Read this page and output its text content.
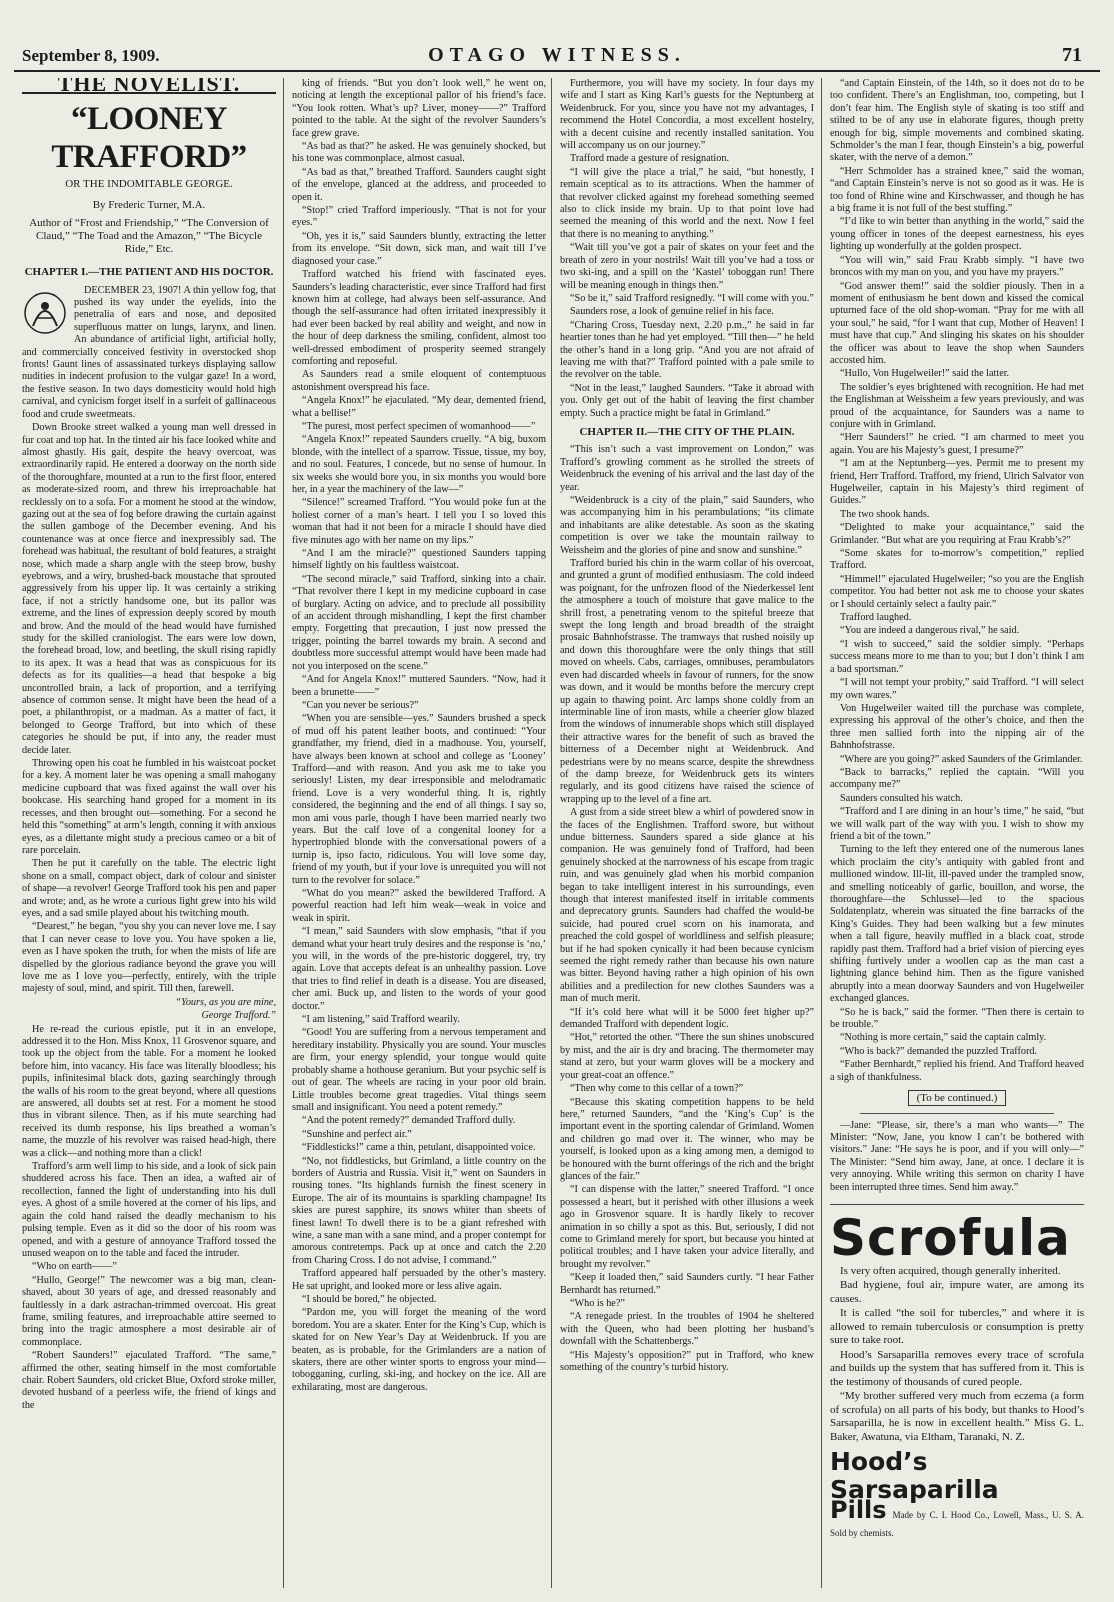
September 8, 1909.	OTAGO WITNESS.	71
THE NOVELIST.
“LOONEY TRAFFORD”
OR THE INDOMITABLE GEORGE.
By Frederic Turner, M.A.
Author of “Frost and Friendship,” “The Conversion of Claud,” “The Toad and the Amazon,” “The Bicycle Ride,” Etc.
CHAPTER I.—THE PATIENT AND HIS DOCTOR.

DECEMBER 23, 1907! A thin yellow fog, that pushed its way under the eyelids, into the penetralia of ears and nose, and deposited superfluous matter on lungs, larynx, and linen. An abundance of artificial light, artificial holly, and commercially conceived festivity in overstocked shop fronts! Gaunt lines of assassinated turkeys displaying sallow nudities in indecent profusion to the vulgar gaze! In a word, the festive season. In two days domesticity would hold high carnival, and cynicism forget itself in a surfeit of gallinaceous food and crude sweetmeats.

Down Brooke street walked a young man well dressed in fur coat and top hat. In the tinted air his face looked white and almost ghastly. His gait, despite the heavy overcoat, was extraordinarily rapid. He entered a doorway on the north side of the thoroughfare, mounted at a run to the first floor, entered as moderate-sized room, and threw his irreproachable hat recklessly on to a sofa. For a moment he stood at the window, gazing out at the sea of fog before drawing the curtain against the sullen gamboge of the December evening. And his countenance was at once fierce and inexpressibly sad. The forehead was habitual, the resultant of bold features, a straight nose, which made a sharp angle with the steep brow, bushy eyebrows, and a wiry, brushed-back moustache that sprouted aggressively from his upper lip. It was certainly a striking face, if not a strictly handsome one, but its pallor was extreme, and the lines of expression deeply scored by mouth and brow. And the mould of the head would have furnished study for the skilled craniologist. The ears were low down, the forehead broad, low, and beetling, the skull rising rapidly to its apex. It was a head that was as conspicuous for its defects as for its qualities—a head that bespoke a big uncontrolled brain, a lack of proportion, and a terrifying absence of common sense. It might have been the head of a poet, a philanthropist, or a madman. As a matter of fact, it belonged to George Trafford, but into which of these categories he should be put, if into any, the reader must decide later.

Throwing open his coat he fumbled in his waistcoat pocket for a key. A moment later he was opening a small mahogany medicine cupboard that was fixed against the wall over his bookcase. His searching hand groped for a moment in its recesses, and then brought out—something. For a second he held this “something” at arm’s length, conning it with anxious eyes, as a dilettante might study a precious cameo or a bit of rare porcelain.

Then he put it carefully on the table. The electric light shone on a small, compact object, dark of colour and sinister of shape—a revolver! George Trafford took his pen and paper and wrote; and, as he wrote a curious light grew into his wild eyes, and a sad smile played about his twitching mouth.

“Dearest,” he began, “you shy you can never love me. I say that I can never cease to love you. You have spoken a lie, even as I have spoken the truth, for when the mists of life are dispelled by the glorious radiance beyond the grave you will love me as I love you—perfectly, entirely, with the triple majesty of soul, mind, and spirit. Till then, farewell.

“Yours, as you are mine,

George Trafford.”

He re-read the curious epistle, put it in an envelope, addressed it to the Hon. Miss Knox, 11 Grosvenor square, and took up the object from the table. For a moment he looked before him, into vacancy. His face was literally bloodless; his pupils, infinitesimal black dots, gazing searchingly through the walls of his room to the great beyond, where all questions are answered, all doubts set at rest. For a moment he stood thus in vibrant silence. Then, as if his mute searching had received its dumb response, his lips breathed a woman’s name, the muzzle of his revolver was raised head-high, there was a click—and nothing more than a click!

Trafford’s arm well limp to his side, and a look of sick pain shuddered across his face. Then an idea, a wafted air of recollection, fanned the light of understanding into his dull eyes. A ghost of a smile hovered at the corner of his lips, and again the cold hand raised the deadly mechanism to his pulsing temple. Even as it did so the door of his room was opened, and with a gesture of annoyance Trafford tossed the unused weapon on to the table and faced the intruder.

“Who on earth——”

“Hullo, George!” The newcomer was a big man, clean-shaved, about 30 years of age, and dressed reasonably and faultlessly in a dark astrachan-trimmed overcoat. His great frame, smiling features, and irreproachable attire seemed to bring into the tragic atmosphere a most desirable air of commonplace.

“Robert Saunders!” ejaculated Trafford. “The same,” affirmed the other, seating himself in the most comfortable chair. Robert Saunders, old cricket Blue, Oxford stroke miller, devoted husband of a peerless wife, the friend of kings and the

king of friends. “But you don’t look well,” he went on, noticing at length the exceptional pallor of his friend’s face. “You look rotten. What’s up? Liver, money——?” Trafford pointed to the table. At the sight of the revolver Saunders’s face grew grave.

“As bad as that?” he asked. He was genuinely shocked, but his tone was commonplace, almost casual.

“As bad as that,” breathed Trafford. Saunders caught sight of the envelope, glanced at the address, and proceeded to open it.

“Stop!” cried Trafford imperiously. “That is not for your eyes.”

“Oh, yes it is,” said Saunders bluntly, extracting the letter from its envelope. “Sit down, sick man, and wait till I’ve diagnosed your case.”

Trafford watched his friend with fascinated eyes. Saunders’s leading characteristic, ever since Trafford had first known him at college, had always been self-assurance. And though the self-assurance had often irritated inexpressibly it had ever been backed by real ability and weight, and now in the hour of deep darkness the smiling, confident, almost too well-dressed embodiment of prosperity seemed strangely comforting and reposeful.

As Saunders read a smile eloquent of contemptuous astonishment overspread his face.

“Angela Knox!” he ejaculated. “My dear, demented friend, what a bellise!”

“The purest, most perfect specimen of womanhood——”

“Angela Knox!” repeated Saunders cruelly. “A big, buxom blonde, with the intellect of a sparrow. Tissue, tissue, my boy, and no soul. Features, I concede, but no sense of humour. In six weeks she would bore you, in six months you would bore her, in a year the machinery of the law—”

“Silence!” screamed Trafford. “You would poke fun at the holiest corner of a man’s heart. I tell you I so loved this woman that had it not been for a miracle I should have died five minutes ago with her name on my lips.”

“And I am the miracle?” questioned Saunders tapping himself lightly on his faultless waistcoat.

“The second miracle,” said Trafford, sinking into a chair. “That revolver there I kept in my medicine cupboard in case of burglary. Acting on advice, and to preclude all possibility of an accident through mishandling, I kept the first chamber empty. Forgetting that precaution, I just now pressed the trigger, pointing the barrel towards my brain. A second and doubtless more successful attempt would have been made had not you interposed on the scene.”

“And for Angela Knox!” muttered Saunders. “Now, had it been a brunette——”

“Can you never be serious?”

“When you are sensible—yes.” Saunders brushed a speck of mud off his patent leather boots, and continued: “Your grandfather, my friend, died in a madhouse. You, yourself, have always been known at school and college as ‘Looney’ Trafford—and with reason. And you ask me to take you seriously! Listen, my dear irresponsible and melodramatic friend. Love is a very wonderful thing. It is, rightly considered, the beginning and the end of all things. I say so, mon ami vous parle, though I have been married nearly two years. But the calf love of a congenital looney for a hypertrophied blonde with the conversational powers of a turnip is, ipso facto, ridiculous. You will love some day, friend of my youth, but if your love is unrequited you will not turn to the revolver for solace.”

“What do you mean?” asked the bewildered Trafford. A powerful reaction had left him weak—weak in voice and weak in spirit.

“I mean,” said Saunders with slow emphasis, “that if you demand what your heart truly desires and the response is ‘no,’ you will, in the words of the pre-historic doggerel, try, try again. Love that accepts defeat is an unhealthy passion. Love that tries to find relief in death is a disease. You are diseased, cher ami. Buck up, and listen to the words of your good doctor.”

“I am listening,” said Trafford wearily.

“Good! You are suffering from a nervous temperament and hereditary instability. Physically you are sound. Your muscles are firm, your energy splendid, your tongue would quite probably shame a hothouse geranium. But your psychic self is out of gear. The wheels are racing in your poor old brain. Little troubles become great tragedies. Vital things seem small and insignificant. You need a potent remedy.”

“And the potent remedy?” demanded Trafford dully.

“Sunshine and perfect air.”

“Fiddlesticks!” came a thin, petulant, disappointed voice.

“No, not fiddlesticks, but Grimland, a little country on the borders of Austria and Russia. Visit it,” went on Saunders in rousing tones. “Its highlands furnish the finest scenery in Europe. The air of its mountains is sparkling champagne! Its skies are purest sapphire, its snows whiter than sheets of finest lawn! To dwell there is to be a giant refreshed with wine, a sane man with a sane mind, and a proper contempt for amorous contretemps. Pack up at once and catch the 2.20 from Charing Cross. I do not advise, I command.”

Trafford appeared half persuaded by the other’s mastery. He sat upright, and looked more or less alive again.

“I should be bored,” he objected.

“Pardon me, you will forget the meaning of the word boredom. You are a skater. Enter for the King’s Cup, which is skated for on New Year’s Day at Weidenbruck. If you are beaten, as is probable, for the Grimlanders are a nation of skaters, there are other winter sports to engross your mind—tobogganing, curling, ski-ing, and hockey on the ice. All are exhilarating, most are dangerous.

Furthermore, you will have my society. In four days my wife and I start as King Karl’s guests for the Neptunberg at Weidenbruck. For you, since you have not my advantages, I recommend the Hotel Concordia, a most excellent hostelry, with a decent cuisine and recently installed sanitation. You will accompany us on our journey.”

Trafford made a gesture of resignation.

“I will give the place a trial,” he said, “but honestly, I remain sceptical as to its attractions. When the hammer of that revolver clicked against my forehead something seemed also to click inside my brain. Up to that point love had seemed the meaning of this world and the next. Now I feel that there is no meaning to anything.”

“Wait till you’ve got a pair of skates on your feet and the breath of zero in your nostrils! Wait till you’ve had a toss or two ski-ing, and a spill on the ‘Kastel’ toboggan run! There will be meaning enough in things then.”

“So be it,” said Trafford resignedly. “I will come with you.”

Saunders rose, a look of genuine relief in his face.

“Charing Cross, Tuesday next, 2.20 p.m.,” he said in far heartier tones than he had yet employed. “Till then—” he held the other’s hand in a long grip. “And you are not afraid of leaving me with that?” Trafford pointed with a pale smile to the revolver on the table.

“Not in the least,” laughed Saunders. “Take it abroad with you. Only get out of the habit of leaving the first chamber empty. Such a practice might be fatal in Grimland.”

CHAPTER II.—THE CITY OF THE PLAIN.

“This isn’t such a vast improvement on London,” was Trafford’s growling comment as he strolled the streets of Weidenbruck the evening of his arrival and the last day of the year.

“Weidenbruck is a city of the plain,” said Saunders, who was accompanying him in his perambulations; “its climate and inhabitants are alike detestable. As soon as the skating competition is over we take the mountain railway to Weissheim and the glories of pine and snow and sunshine.”

Trafford buried his chin in the warm collar of his overcoat, and grunted a grunt of modified enthusiasm. The cold indeed was poignant, for the unfrozen flood of the Niederkessel lent the atmosphere a touch of moisture that gave malice to the shrill frost, a penetrating venom to the spiteful breeze that swept the long length and broad breadth of the straight prosaic Bahnhofstrasse. The tramways that rushed noisily up and down this thoroughfare were the only things that still moved on wheels. Cabs, carriages, omnibuses, perambulators even had discarded wheels in favour of runners, for the snow was down, and it would be months before the mercury crept up again to thawing point. Arc lamps shone coldly from an interminable line of iron masts, while a cheerier glow blazed from the windows of innumerable shops which still displayed their attractive wares for the benefit of such as braved the bitterness of a December night at Weidenbruck. And pedestrians were by no means scarce, despite the shrewdness of the damp breeze, for Weidenbruck gets its winters regularly, and its good citizens have raised the science of wrapping up to the level of a fine art.

A gust from a side street blew a whirl of powdered snow in the faces of the Englishmen. Trafford swore, but without undue bitterness. Saunders spared a side glance at his companion. He was genuinely fond of Trafford, had been genuinely shocked at the narrowness of his escape from tragic ruin, and was genuinely glad when his morbid companion began to take intelligent interest in his surroundings, even though that interest manifested itself in irritable comments and deprecatory grunts. Saunders had chaffed the would-be suicide, had poured cruel scorn on his inamorata, and preached the cold gospel of worldliness and selfish pleasure; but if he had spoken cynically it had been because cynicism seemed the right remedy rather than because his own nature was bitter. Beyond having rather a high opinion of his own abilities and a predilection for new clothes Saunders was a man of much merit.

“If it’s cold here what will it be 5000 feet higher up?” demanded Trafford with dependent logic.

“Hot,” retorted the other. “There the sun shines unobscured by mist, and the air is dry and bracing. The thermometer may stand at zero, but your warm gloves will be a mockery and your great-coat an offence.”

“Then why come to this cellar of a town?”

“Because this skating competition happens to be held here,” returned Saunders, “and the ‘King’s Cup’ is the important event in the sporting calendar of Grimland. Women and children go mad over it. The winner, who may be yourself, is looked upon as a king among men, a demigod to be honoured with the burnt offerings of the rich and the bright glances of the fair.”

“I can dispense with the latter,” sneered Trafford. “I once possessed a heart, but it perished with other illusions a week ago in Grosvenor square. It is hardly likely to recover animation in so chilly a spot as this. But, seriously, I did not come to Grimland merely for sport, but because you hinted at political troubles; and I have taken your advice literally, and brought my revolver.”

“Keep it loaded then,” said Saunders curtly. “I hear Father Bernhardt has returned.”

“Who is he?”

“A renegade priest. In the troubles of 1904 he sheltered with the Queen, who had been plotting her husband’s downfall with the Schattenbergs.”

“His Majesty’s opposition?” put in Trafford, who knew something of the country’s turbid history.

“and Captain Einstein, of the 14th, so it does not do to be too confident. There’s an Englishman, too, competing, but I don’t fear him. The English style of skating is too stiff and stilted to be of any use in elaborate figures, though pretty enough for big, simple movements and combined skating. Schmolder’s the man I fear, though Einstein’s a big, powerful skater, with the nerve of a demon.”

“Herr Schmolder has a strained knee,” said the woman, “and Captain Einstein’s nerve is not so good as it was. He is too fond of Rhine wine and Kirschwasser, and though he has a big frame it is not full of the best stuffing.”

“I’d like to win better than anything in the world,” said the young officer in tones of the deepest earnestness, his eyes lighting up wonderfully at the golden prospect.

“You will win,” said Frau Krabb simply. “I have two broncos with my man on you, and you have my prayers.”

“God answer them!” said the soldier piously. Then in a moment of enthusiasm he bent down and kissed the comical upturned face of the old shop-woman. “Pray for me with all your soul,” he said, “for I want that cup, Mother of Heaven! I must have that cup.” And slinging his skates on his shoulder the officer was about to leave the shop when Saunders accosted him.

“Hullo, Von Hugelweiler!” said the latter.

The soldier’s eyes brightened with recognition. He had met the Englishman at Weissheim a few years previously, and was proud of the acquaintance, for Saunders was a name to conjure with in Grimland.

“Herr Saunders!” he cried. “I am charmed to meet you again. You are his Majesty’s guest, I presume?”

“I am at the Neptunberg—yes. Permit me to present my friend, Herr Trafford. Trafford, my friend, Ulrich Salvator von Hugelweiler, captain in his Majesty’s third regiment of Guides.”

The two shook hands.

“Delighted to make your acquaintance,” said the Grimlander. “But what are you requiring at Frau Krabb’s?”

“Some skates for to-morrow’s competition,” replied Trafford.

“Himmel!” ejaculated Hugelweiler; “so you are the English competitor. You had better not ask me to choose your skates or I should certainly select a faulty pair.”

Trafford laughed.

“You are indeed a dangerous rival,” he said.

“I wish to succeed,” said the soldier simply. “Perhaps success means more to me than to you; but I don’t think I am a bad sportsman.”

“I will not tempt your probity,” said Trafford. “I will select my own wares.”

Von Hugelweiler waited till the purchase was complete, expressing his approval of the other’s choice, and then the three men sallied forth into the nipping air of the Bahnhofstrasse.

“Where are you going?” asked Saunders of the Grimlander.

“Back to barracks,” replied the captain. “Will you accompany me?”

Saunders consulted his watch.

“Trafford and I are dining in an hour’s time,” he said, “but we will walk part of the way with you. I wish to show my friend a bit of the town.”

Turning to the left they entered one of the numerous lanes which proclaim the city’s antiquity with gabled front and mullioned window. Ill-lit, ill-paved under the trampled snow, and smelling noticeably of garlic, bouillon, and worse, the thoroughfare—the Schlussel—led to the spacious Soldatenplatz, wherein was situated the fine barracks of the King’s Guides. They had been walking but a few minutes when a tall figure, heavily muffled in a black coat, strode rapidly past them. Trafford had a brief vision of piercing eyes shifting furtively under a woollen cap as the man cast a lightning glance behind him. Then as the figure vanished abruptly into a mean doorway Saunders and von Hugelweiler exchanged glances.

“So he is back,” said the former. “Then there is certain to be trouble.”

“Nothing is more certain,” said the captain calmly.

“Who is back?” demanded the puzzled Trafford.

“Father Bernhardt,” replied his friend. And Trafford heaved a sigh of thankfulness.

(To be continued.)

—Jane: “Please, sir, there’s a man who wants—” The Minister: “Now, Jane, you know I can’t be bothered with visitors.” Jane: “He says he is poor, and if you will only—” The Minister: “Send him away, Jane, at once. I declare it is very annoying. While writing this sermon on charity I have been interrupted three times. Send him away.”

Scrofula

Is very often acquired, though generally inherited.

Bad hygiene, foul air, impure water, are among its causes.

It is called “the soil for tubercles,” and where it is allowed to remain tuberculosis or consumption is pretty sure to take root.

Hood’s Sarsaparilla removes every trace of scrofula and builds up the system that has suffered from it. This is the testimony of thousands of cured people.

“My brother suffered very much from eczema (a form of scrofula) on all parts of his body, but thanks to Hood’s Sarsaparilla, he is now in excellent health.” Miss G. L. Baker, Awatuna, via Eltham, Taranaki, N. Z.

Hood’s Sarsaparilla
Pills Made by C. I. Hood Co., Lowell, Mass., U. S. A. Sold by chemists.
